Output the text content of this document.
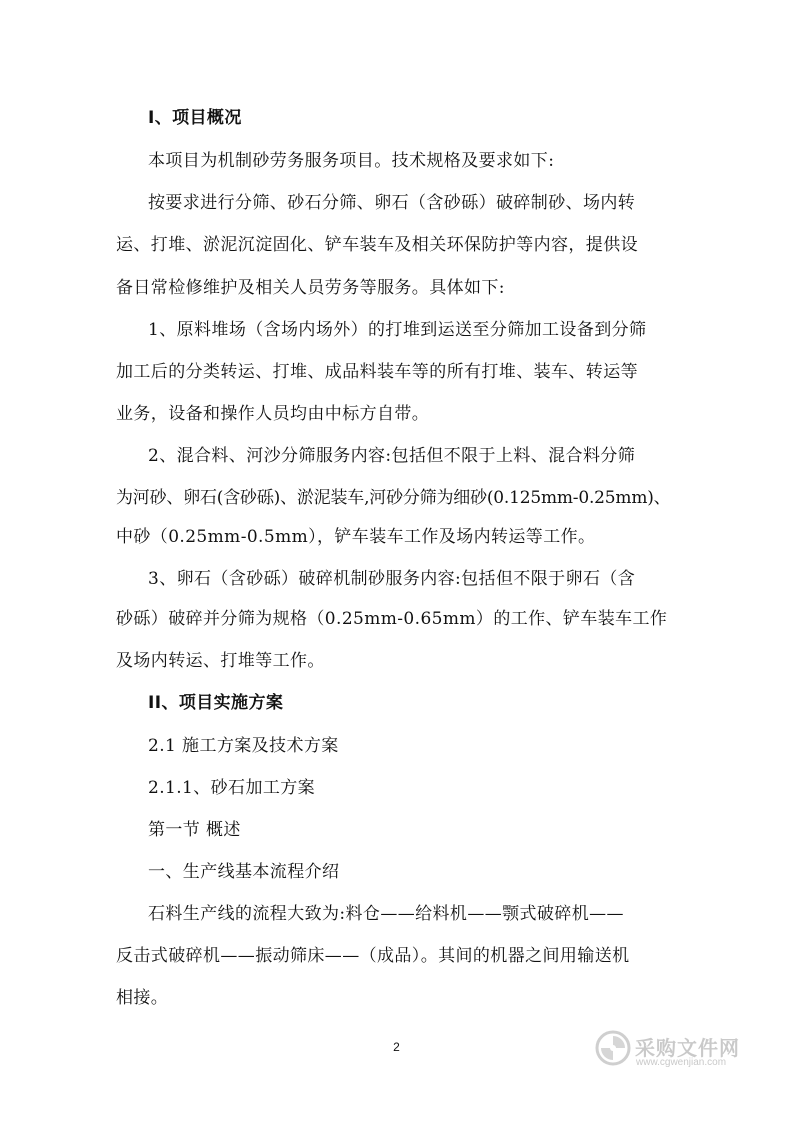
I、项目概况
本项目为机制砂劳务服务项目。技术规格及要求如下:
按要求进行分筛、砂石分筛、卵石（含砂砾）破碎制砂、场内转
运、打堆、淤泥沉淀固化、铲车装车及相关环保防护等内容，提供设
备日常检修维护及相关人员劳务等服务。具体如下:
1、原料堆场（含场内场外）的打堆到运送至分筛加工设备到分筛
加工后的分类转运、打堆、成品料装车等的所有打堆、装车、转运等
业务，设备和操作人员均由中标方自带。
2、混合料、河沙分筛服务内容:包括但不限于上料、混合料分筛
为河砂、卵石(含砂砾)、淤泥装车,河砂分筛为细砂(0.125mm-0.25mm)、
中砂（0.25mm-0.5mm），铲车装车工作及场内转运等工作。
3、卵石（含砂砾）破碎机制砂服务内容:包括但不限于卵石（含
砂砾）破碎并分筛为规格（0.25mm-0.65mm）的工作、铲车装车工作
及场内转运、打堆等工作。
II、项目实施方案
2.1 施工方案及技术方案
2.1.1、砂石加工方案
第一节 概述
一、生产线基本流程介绍
石料生产线的流程大致为:料仓——给料机——颚式破碎机——
反击式破碎机——振动筛床——（成品）。其间的机器之间用输送机
相接。
2	采购文件网
www.cgwenjian.com
